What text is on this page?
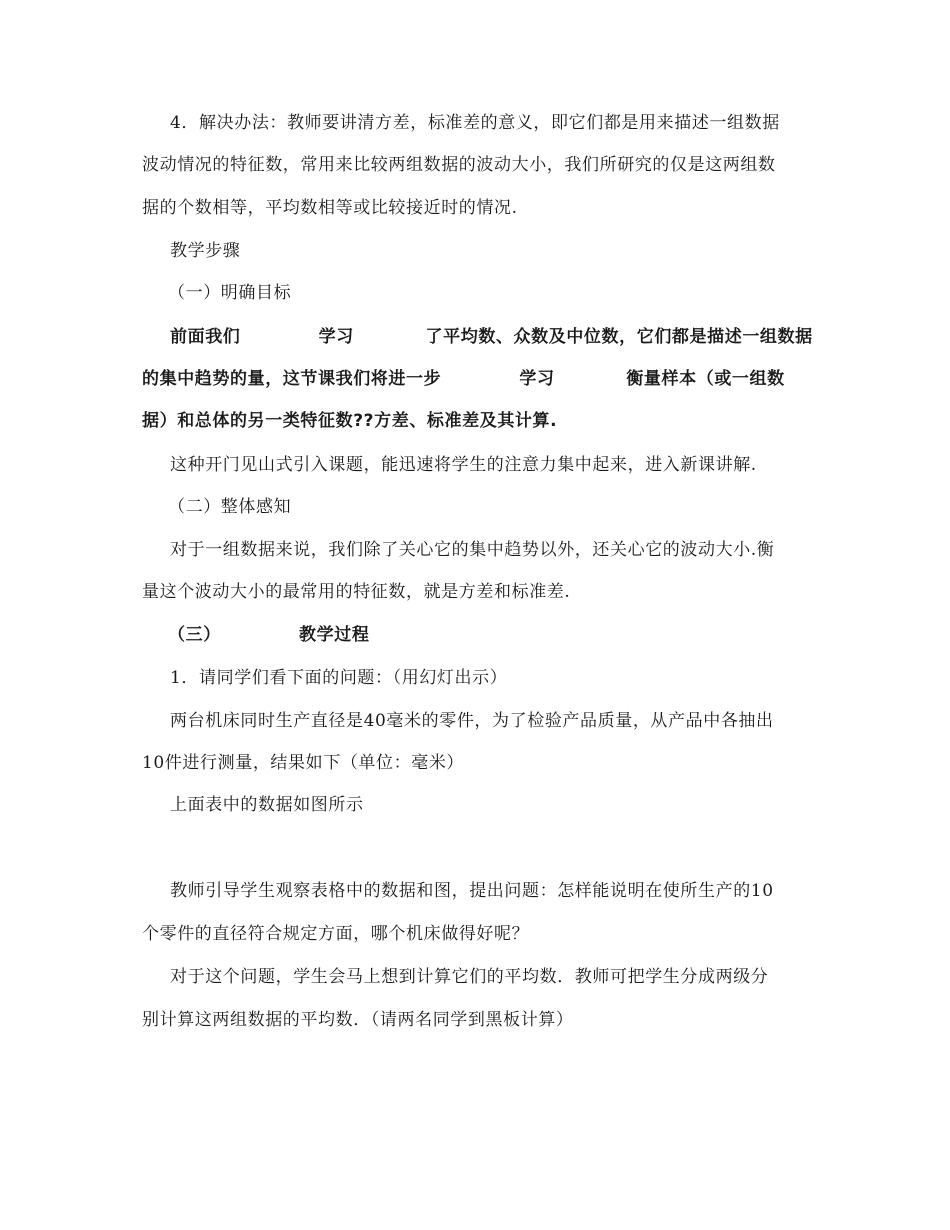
4．解决办法：教师要讲清方差，标准差的意义，即它们都是用来描述一组数据
波动情况的特征数，常用来比较两组数据的波动大小，我们所研究的仅是这两组数
据的个数相等，平均数相等或比较接近时的情况.
教学步骤
（一）明确目标
前面我们            学习           了平均数、众数及中位数，它们都是描述一组数据
的集中趋势的量，这节课我们将进一步            学习           衡量样本（或一组数
据）和总体的另一类特征数??方差、标准差及其计算.
这种开门见山式引入课题，能迅速将学生的注意力集中起来，进入新课讲解.
（二）整体感知
对于一组数据来说，我们除了关心它的集中趋势以外，还关心它的波动大小.衡
量这个波动大小的最常用的特征数，就是方差和标准差.
（三）            教学过程
1．请同学们看下面的问题：（用幻灯出示）
两台机床同时生产直径是40毫米的零件，为了检验产品质量，从产品中各抽出
10件进行测量，结果如下（单位：毫米）
上面表中的数据如图所示
教师引导学生观察表格中的数据和图，提出问题：怎样能说明在使所生产的10
个零件的直径符合规定方面，哪个机床做得好呢？
对于这个问题，学生会马上想到计算它们的平均数．教师可把学生分成两级分
别计算这两组数据的平均数．（请两名同学到黑板计算）
